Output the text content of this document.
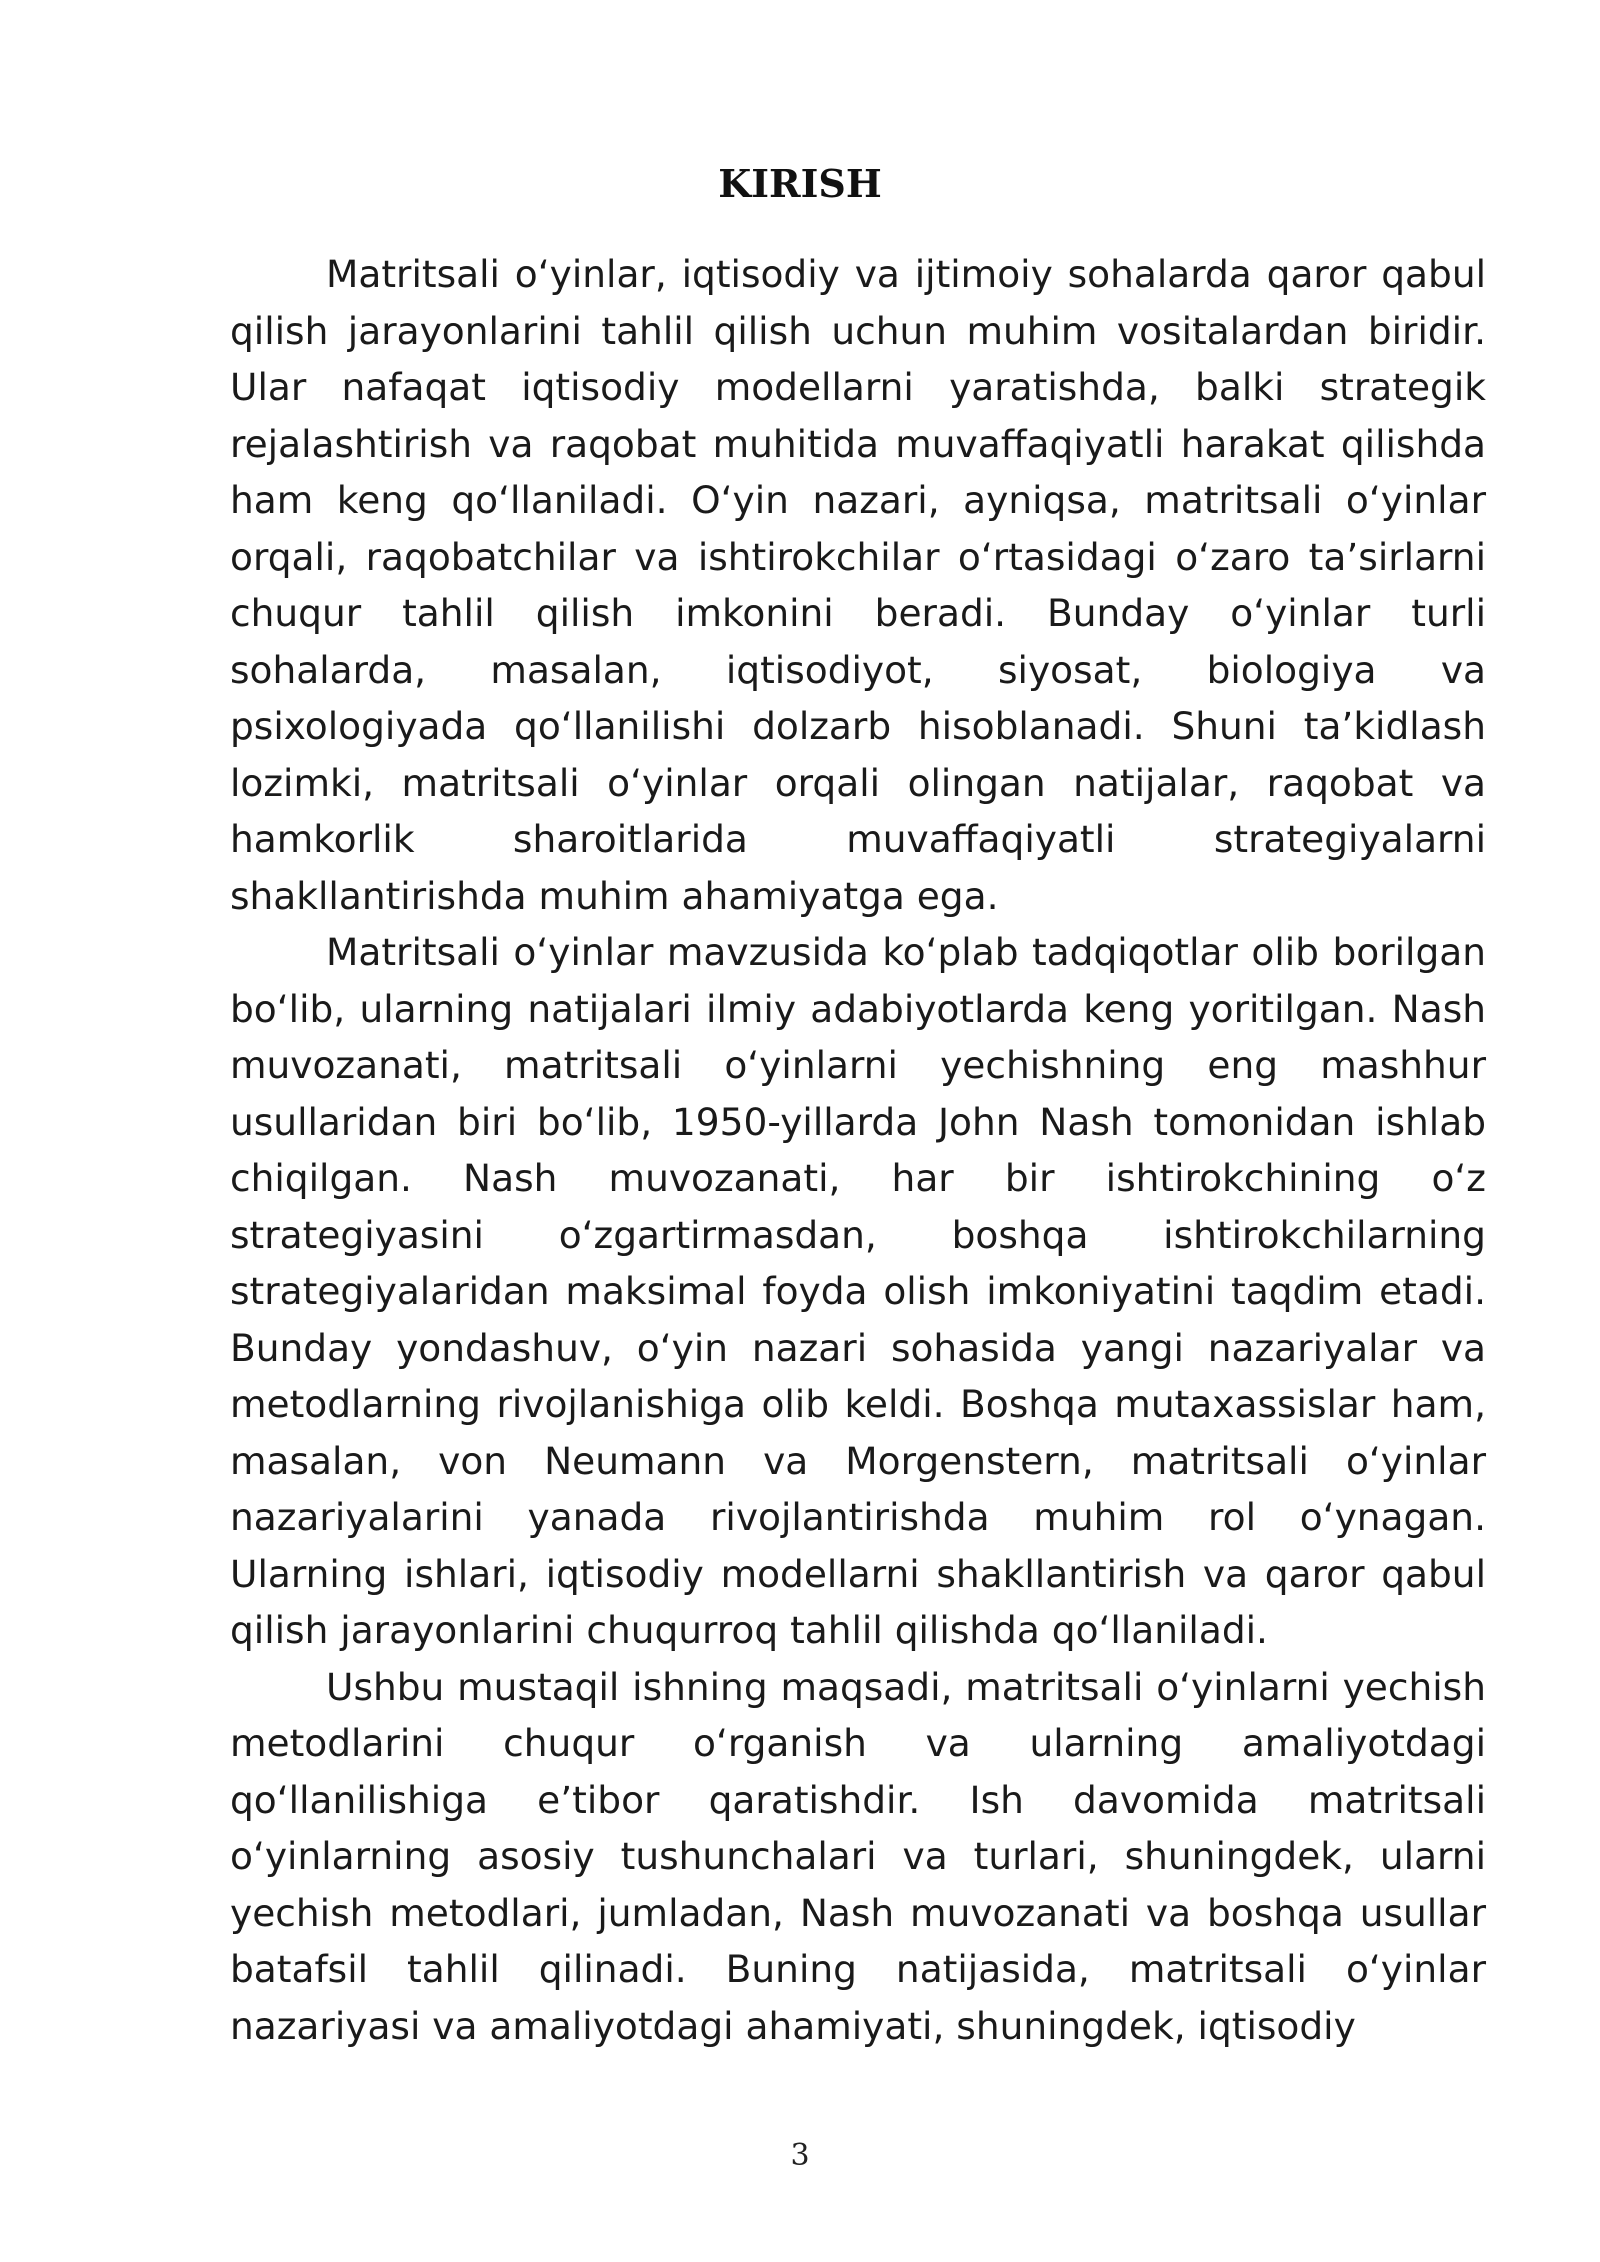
KIRISH

Matritsali o‘yinlar, iqtisodiy va ijtimoiy sohalarda qaror qabul qilish jarayonlarini tahlil qilish uchun muhim vositalardan biridir. Ular nafaqat iqtisodiy modellarni yaratishda, balki strategik rejalashtirish va raqobat muhitida muvaffaqiyatli harakat qilishda ham keng qo‘llaniladi. O‘yin nazari, ayniqsa, matritsali o‘yinlar orqali, raqobatchilar va ishtirokchilar o‘rtasidagi o‘zaro ta’sirlarni chuqur tahlil qilish imkonini beradi. Bunday o‘yinlar turli sohalarda, masalan, iqtisodiyot, siyosat, biologiya va psixologiyada qo‘llanilishi dolzarb hisoblanadi. Shuni ta’kidlash lozimki, matritsali o‘yinlar orqali olingan natijalar, raqobat va hamkorlik sharoitlarida muvaffaqiyatli strategiyalarni shakllantirishda muhim ahamiyatga ega.

Matritsali o‘yinlar mavzusida ko‘plab tadqiqotlar olib borilgan bo‘lib, ularning natijalari ilmiy adabiyotlarda keng yoritilgan. Nash muvozanati, matritsali o‘yinlarni yechishning eng mashhur usullaridan biri bo‘lib, 1950-yillarda John Nash tomonidan ishlab chiqilgan. Nash muvozanati, har bir ishtirokchining o‘z strategiyasini o‘zgartirmasdan, boshqa ishtirokchilarning strategiyalaridan maksimal foyda olish imkoniyatini taqdim etadi. Bunday yondashuv, o‘yin nazari sohasida yangi nazariyalar va metodlarning rivojlanishiga olib keldi. Boshqa mutaxassislar ham, masalan, von Neumann va Morgenstern, matritsali o‘yinlar nazariyalarini yanada rivojlantirishda muhim rol o‘ynagan. Ularning ishlari, iqtisodiy modellarni shakllantirish va qaror qabul qilish jarayonlarini chuqurroq tahlil qilishda qo‘llaniladi.

Ushbu mustaqil ishning maqsadi, matritsali o‘yinlarni yechish metodlarini chuqur o‘rganish va ularning amaliyotdagi qo‘llanilishiga e’tibor qaratishdir. Ish davomida matritsali o‘yinlarning asosiy tushunchalari va turlari, shuningdek, ularni yechish metodlari, jumladan, Nash muvozanati va boshqa usullar batafsil tahlil qilinadi. Buning natijasida, matritsali o‘yinlar nazariyasi va amaliyotdagi ahamiyati, shuningdek, iqtisodiy

3
